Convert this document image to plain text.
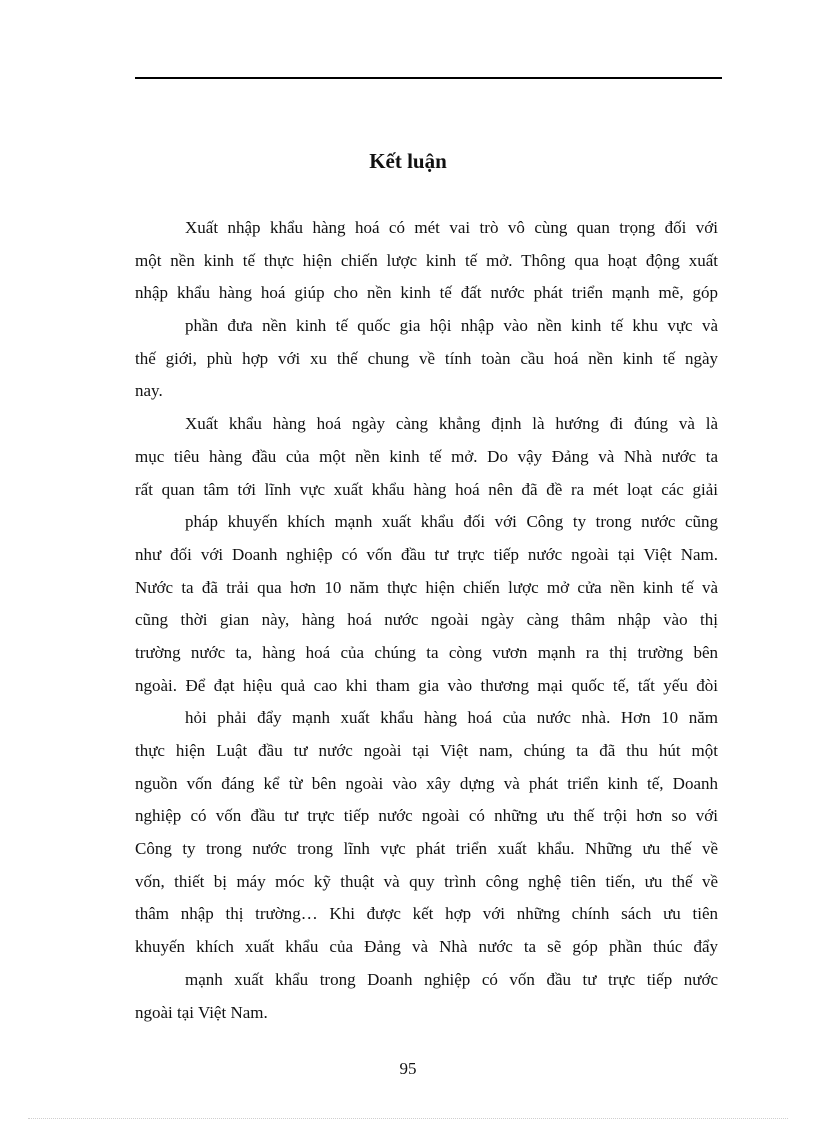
Kết luận
Xuất nhập khẩu hàng hoá có mét vai trò vô cùng quan trọng đối với
một nền kinh tế thực hiện chiến lược kinh tế mở. Thông qua hoạt động xuất
nhập khẩu hàng hoá giúp cho nền kinh tế đất nước phát triển mạnh mẽ, góp
phần đưa nền kinh tế quốc gia hội nhập vào nền kinh tế khu vực và
thế giới, phù hợp với xu thế chung về tính toàn cầu hoá nền kinh tế ngày
nay.
Xuất khẩu hàng hoá ngày càng khẳng định là hướng đi đúng và là
mục tiêu hàng đầu của một nền kinh tế mở. Do vậy Đảng và Nhà nước ta
rất quan tâm tới lĩnh vực xuất khẩu hàng hoá nên đã đề ra mét loạt các giải
pháp khuyến khích mạnh xuất khẩu đối với Công ty trong nước cũng
như đối với Doanh nghiệp có vốn đầu tư trực tiếp nước ngoài tại Việt Nam.
Nước ta đã trải qua hơn 10 năm thực hiện chiến lược mở cửa nền kinh tế và
cũng thời gian này, hàng hoá nước ngoài ngày càng thâm nhập vào thị
trường nước ta, hàng hoá của chúng ta còng vươn mạnh ra thị trường bên
ngoài. Để đạt hiệu quả cao khi tham gia vào thương mại quốc tế, tất yếu đòi
hỏi phải đẩy mạnh xuất khẩu hàng hoá của nước nhà. Hơn 10 năm
thực hiện Luật đầu tư nước ngoài tại Việt nam, chúng ta đã thu hút một
nguồn vốn đáng kể từ bên ngoài vào xây dựng và phát triển kinh tế, Doanh
nghiệp có vốn đầu tư trực tiếp nước ngoài có những ưu thế trội hơn so với
Công ty trong nước trong lĩnh vực phát triển xuất khẩu. Những ưu thế về
vốn, thiết bị máy móc kỹ thuật và quy trình công nghệ tiên tiến, ưu thế về
thâm nhập thị trường… Khi được kết hợp với những chính sách ưu tiên
khuyến khích xuất khẩu của Đảng và Nhà nước ta sẽ góp phần thúc đẩy
mạnh xuất khẩu trong Doanh nghiệp có vốn đầu tư trực tiếp nước
ngoài tại Việt Nam.
95
